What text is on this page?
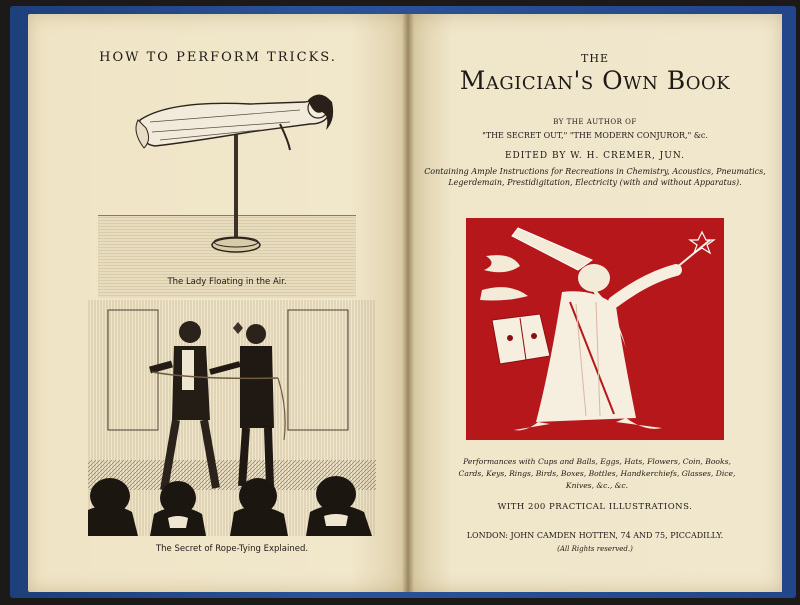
HOW TO PERFORM TRICKS.
The Lady Floating in the Air.
The Secret of Rope-Tying Explained.
THE
Magician's Own Book
BY THE AUTHOR OF
"THE SECRET OUT," "THE MODERN CONJUROR," &c.
EDITED BY W. H. CREMER, JUN.
Containing Ample Instructions for Recreations in Chemistry, Acoustics, Pneumatics, Legerdemain, Prestidigitation, Electricity (with and without Apparatus).
Performances with Cups and Balls, Eggs, Hats, Flowers, Coin, Books, Cards, Keys, Rings, Birds, Boxes, Bottles, Handkerchiefs, Glasses, Dice, Knives, &c., &c.
WITH 200 PRACTICAL ILLUSTRATIONS.
LONDON: JOHN CAMDEN HOTTEN, 74 AND 75, PICCADILLY.
(All Rights reserved.)
